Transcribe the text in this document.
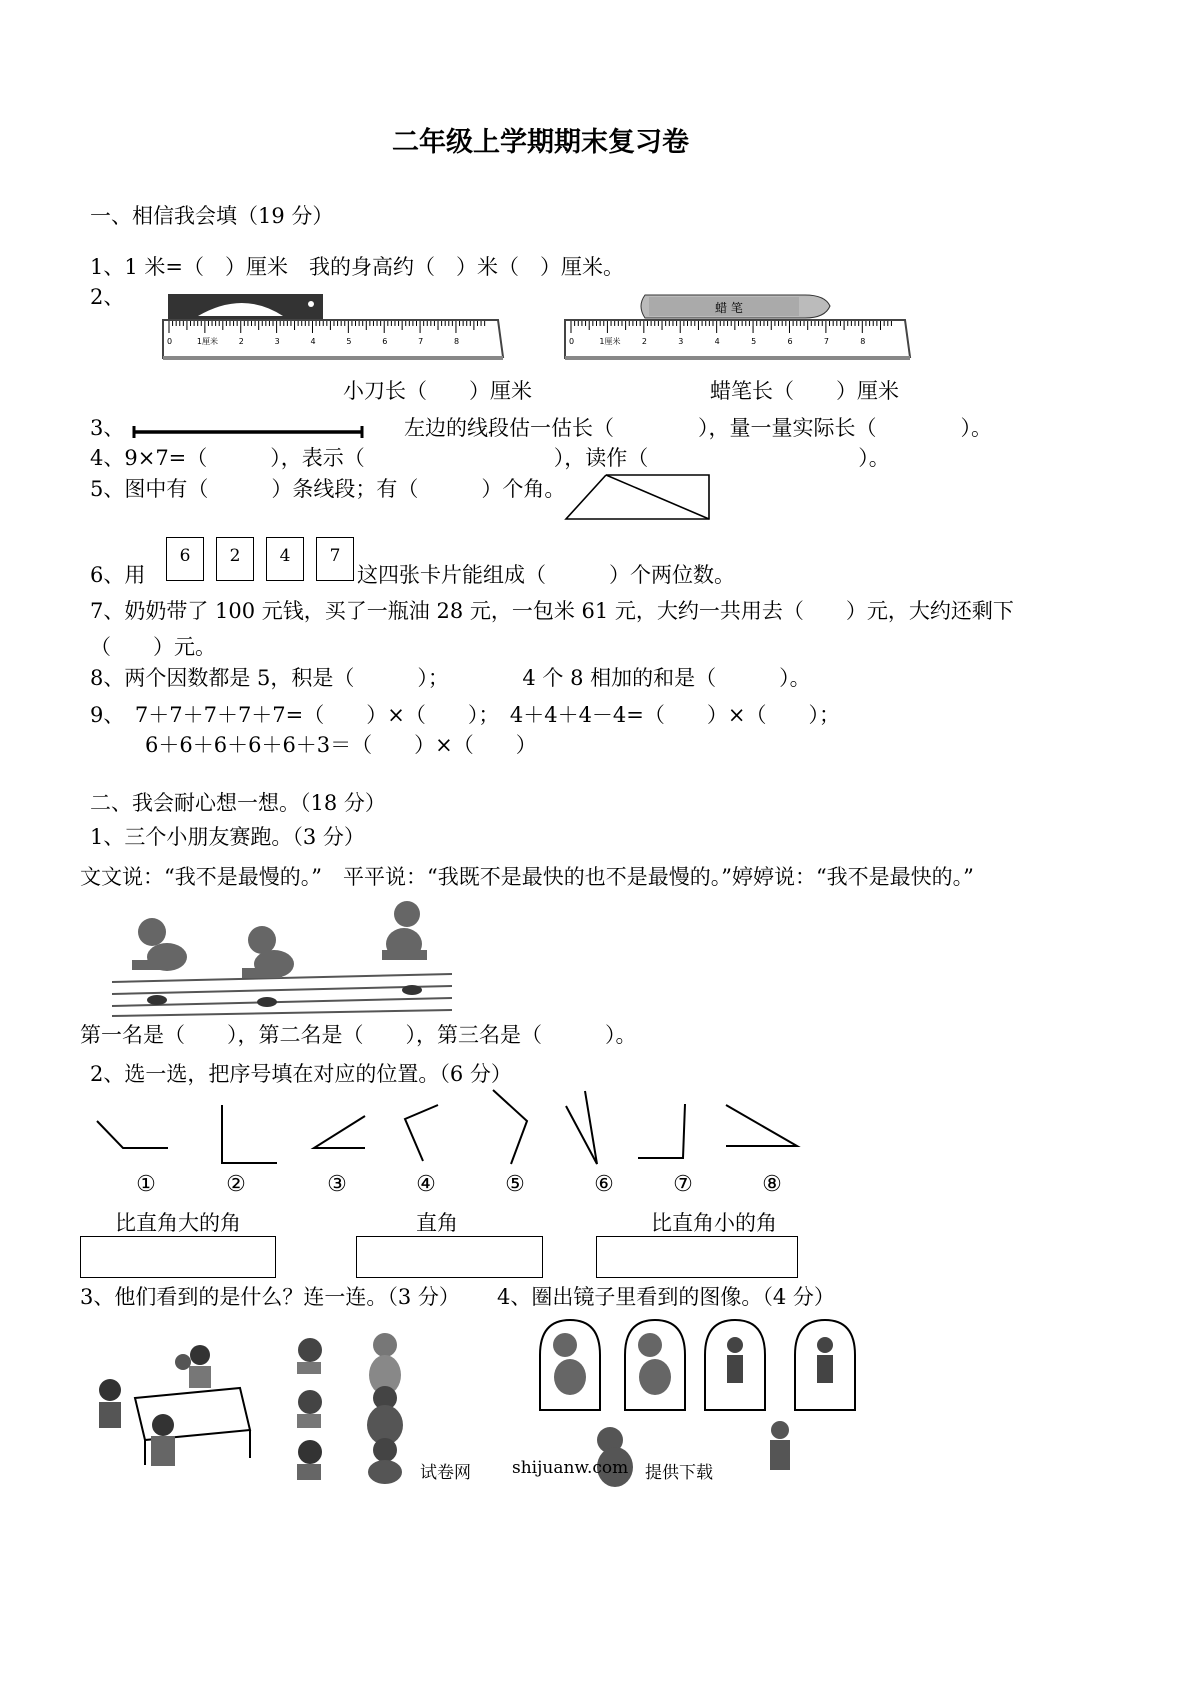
二年级上学期期末复习卷
一、相信我会填（19 分）
1、1 米=（　）厘米　我的身高约（　）米（　）厘米。
2、
0	1厘米	2	3	4	5	6	7	8
蜡 笔
0	1厘米	2	3	4	5	6	7	8
小刀长（　　）厘米	蜡笔长（　　）厘米
3、	左边的线段估一估长（　　　　），量一量实际长（　　　　）。
4、9×7=（　　　），表示（　　　　　　　　　），读作（　　　　　　　　　　）。
5、图中有（　　　）条线段；有（　　　）个角。
6、用
6	2	4	7
这四张卡片能组成（　　　）个两位数。
7、奶奶带了 100 元钱，买了一瓶油 28 元，一包米 61 元，大约一共用去（　　）元，大约还剩下
（　　）元。
8、两个因数都是 5，积是（　　　）；　　　　4 个 8 相加的和是（　　　）。
9、　7＋7＋7＋7＋7=（　　）×（　　）；　4＋4＋4－4=（　　）×（　　）；
6＋6＋6＋6＋6＋3＝（　　）×（　　）
二、我会耐心想一想。（18 分）
1、三个小朋友赛跑。（3 分）
文文说：“我不是最慢的。”　平平说：“我既不是最快的也不是最慢的。”婷婷说：“我不是最快的。”
第一名是（　　），第二名是（　　），第三名是（　　　）。
2、选一选，把序号填在对应的位置。（6 分）
①	②	③	④	⑤	⑥	⑦	⑧
比直角大的角	直角	比直角小的角
3、他们看到的是什么？连一连。（3 分） 4、圈出镜子里看到的图像。（4 分）
试卷网 shijuanw.com 提供下载
